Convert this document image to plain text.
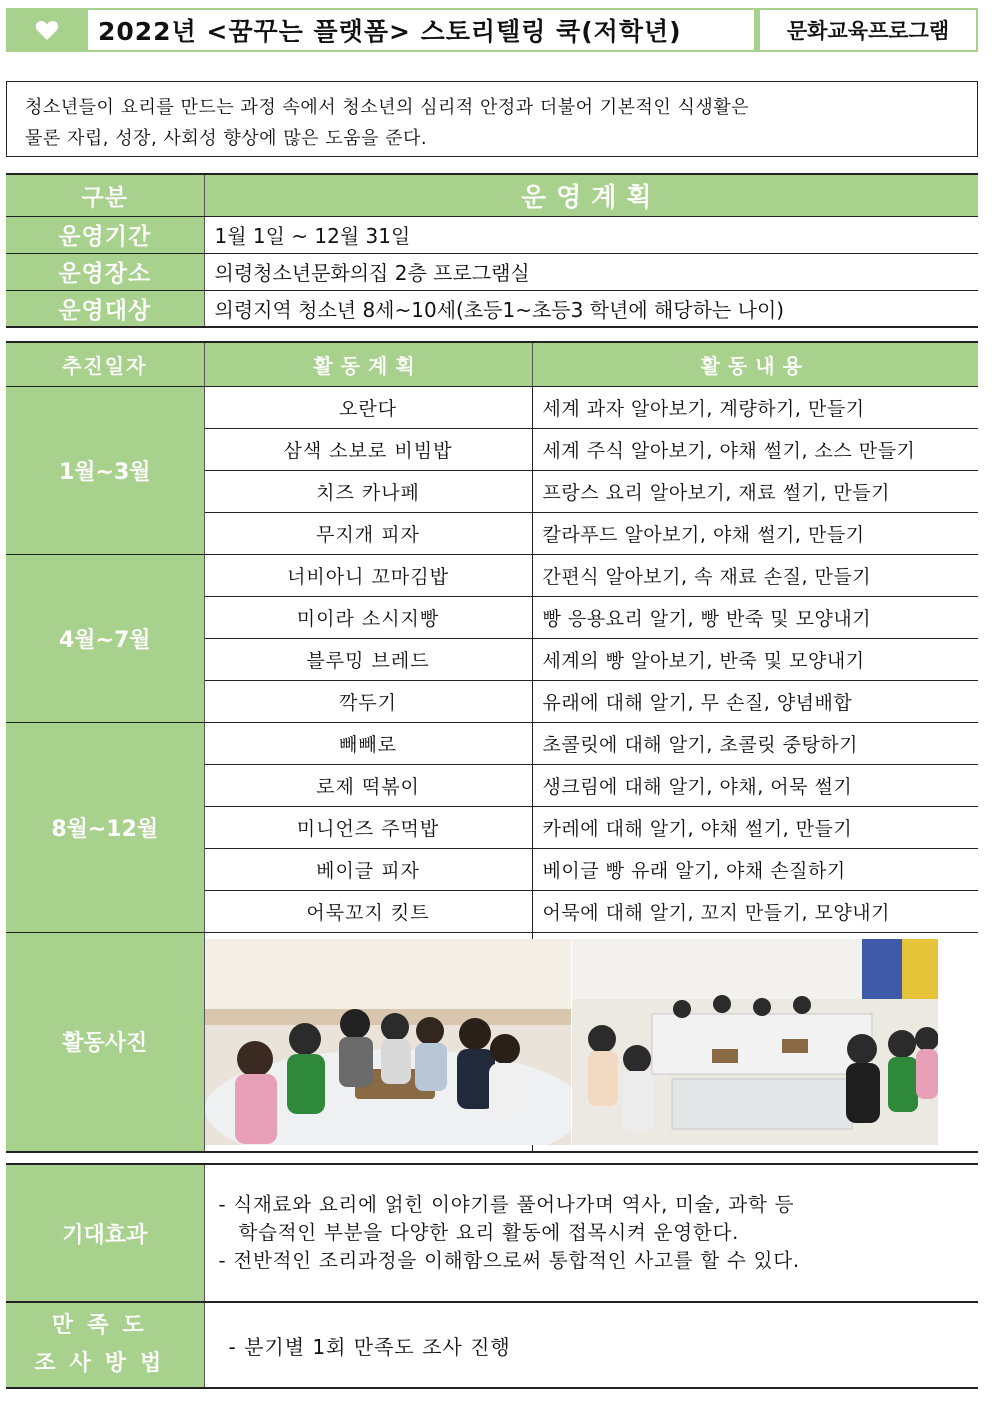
2022년 <꿈꾸는 플랫폼> 스토리텔링 쿡(저학년)	문화교육프로그램
청소년들이 요리를 만드는 과정 속에서 청소년의 심리적 안정과 더불어 기본적인 식생활은
물론 자립, 성장, 사회성 향상에 많은 도움을 준다.
구분	운영계획
운영기간	1월 1일 ~ 12월 31일
운영장소	의령청소년문화의집 2층 프로그램실
운영대상	의령지역 청소년 8세~10세(초등1~초등3 학년에 해당하는 나이)
추진일자	활동계획	활동내용
1월~3월	오란다	세계 과자 알아보기, 계량하기, 만들기
	삼색 소보로 비빔밥	세계 주식 알아보기, 야채 썰기, 소스 만들기
	치즈 카나페	프랑스 요리 알아보기, 재료 썰기, 만들기
	무지개 피자	칼라푸드 알아보기, 야채 썰기, 만들기
4월~7월	너비아니 꼬마김밥	간편식 알아보기, 속 재료 손질, 만들기
	미이라 소시지빵	빵 응용요리 알기, 빵 반죽 및 모양내기
	블루밍 브레드	세계의 빵 알아보기, 반죽 및 모양내기
	깍두기	유래에 대해 알기, 무 손질, 양념배합
8월~12월	빼빼로	초콜릿에 대해 알기, 초콜릿 중탕하기
	로제 떡볶이	생크림에 대해 알기, 야채, 어묵 썰기
	미니언즈 주먹밥	카레에 대해 알기, 야채 썰기, 만들기
	베이글 피자	베이글 빵 유래 알기, 야채 손질하기
	어묵꼬지 킷트	어묵에 대해 알기, 꼬지 만들기, 모양내기
활동사진	

기대효과	- 식재료와 요리에 얽힌 이야기를 풀어나가며 역사, 미술, 과학 등
학습적인 부분을 다양한 요리 활동에 접목시켜 운영한다.
- 전반적인 조리과정을 이해함으로써 통합적인 사고를 할 수 있다.

만족도
조사방법	- 분기별 1회 만족도 조사 진행
